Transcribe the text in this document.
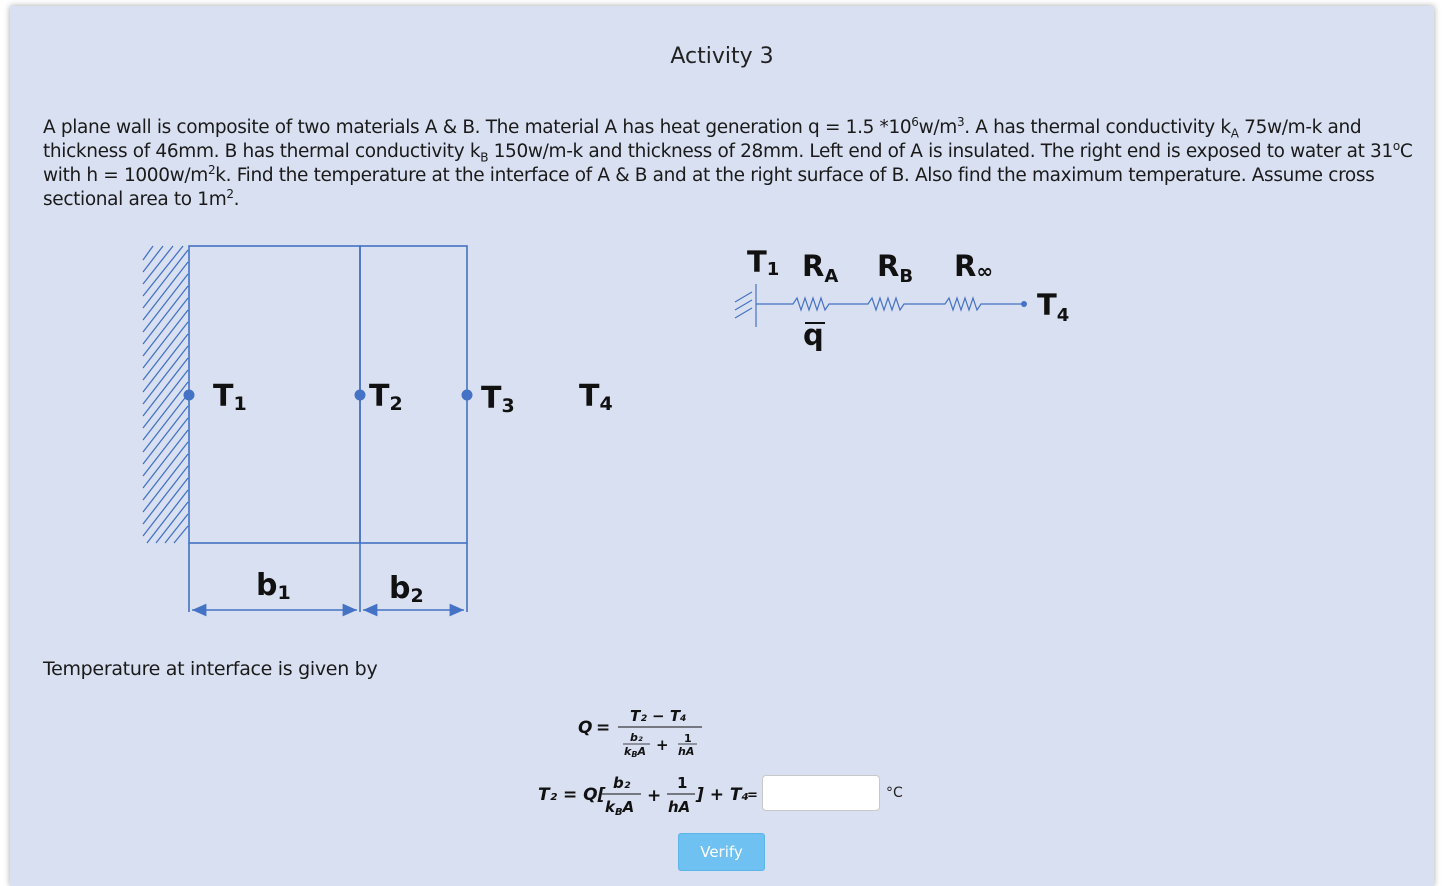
Activity 3
A plane wall is composite of two materials A & B. The material A has heat generation q = 1.5 $*10^6w/m^3$. A has thermal conductivity $k_A$ 75w/m-k and thickness of 46mm. B has thermal conductivity $k_B$ 150w/m-k and thickness of 28mm. Left end of A is insulated. The right end is exposed to water at 31$^o$C with $h = 1000w/m^2k$. Find the temperature at the interface of A & B and at the right surface of B. Also find the maximum temperature. Assume cross sectional area to $1m^2$.
T1	T2	T3 T4
b1	b2
T1 $R_A$ $R_B$ R∞
$T_4$
q
Temperature at interface is given by
Q =
T₂ − T₄
b₂
kBA + 1
hA
T₂ = Q[
b₂
$k_BA$
+
1
hA
] + T₄
=	°C
Verify
